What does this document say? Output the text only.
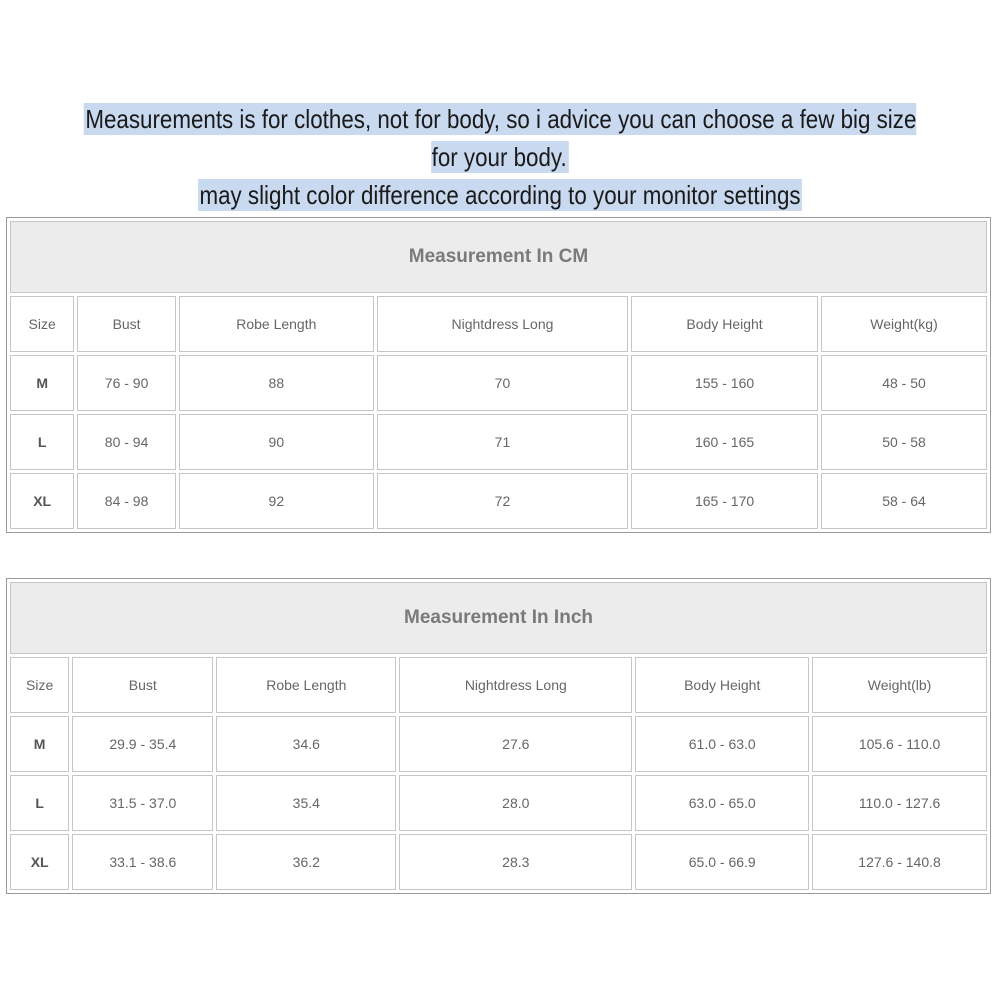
Measurements is for clothes, not for body, so i advice you can choose a few big size for your body.
may slight color difference according to your monitor settings
Measurement In CM					
Size	Bust	Robe Length	Nightdress Long	Body Height	Weight(kg)
M	76 - 90	88	70	155 - 160	48 - 50
L	80 - 94	90	71	160 - 165	50 - 58
XL	84 - 98	92	72	165 - 170	58 - 64
Measurement In Inch					
Size	Bust	Robe Length	Nightdress Long	Body Height	Weight(lb)
M	29.9 - 35.4	34.6	27.6	61.0 - 63.0	105.6 - 110.0
L	31.5 - 37.0	35.4	28.0	63.0 - 65.0	110.0 - 127.6
XL	33.1 - 38.6	36.2	28.3	65.0 - 66.9	127.6 - 140.8
